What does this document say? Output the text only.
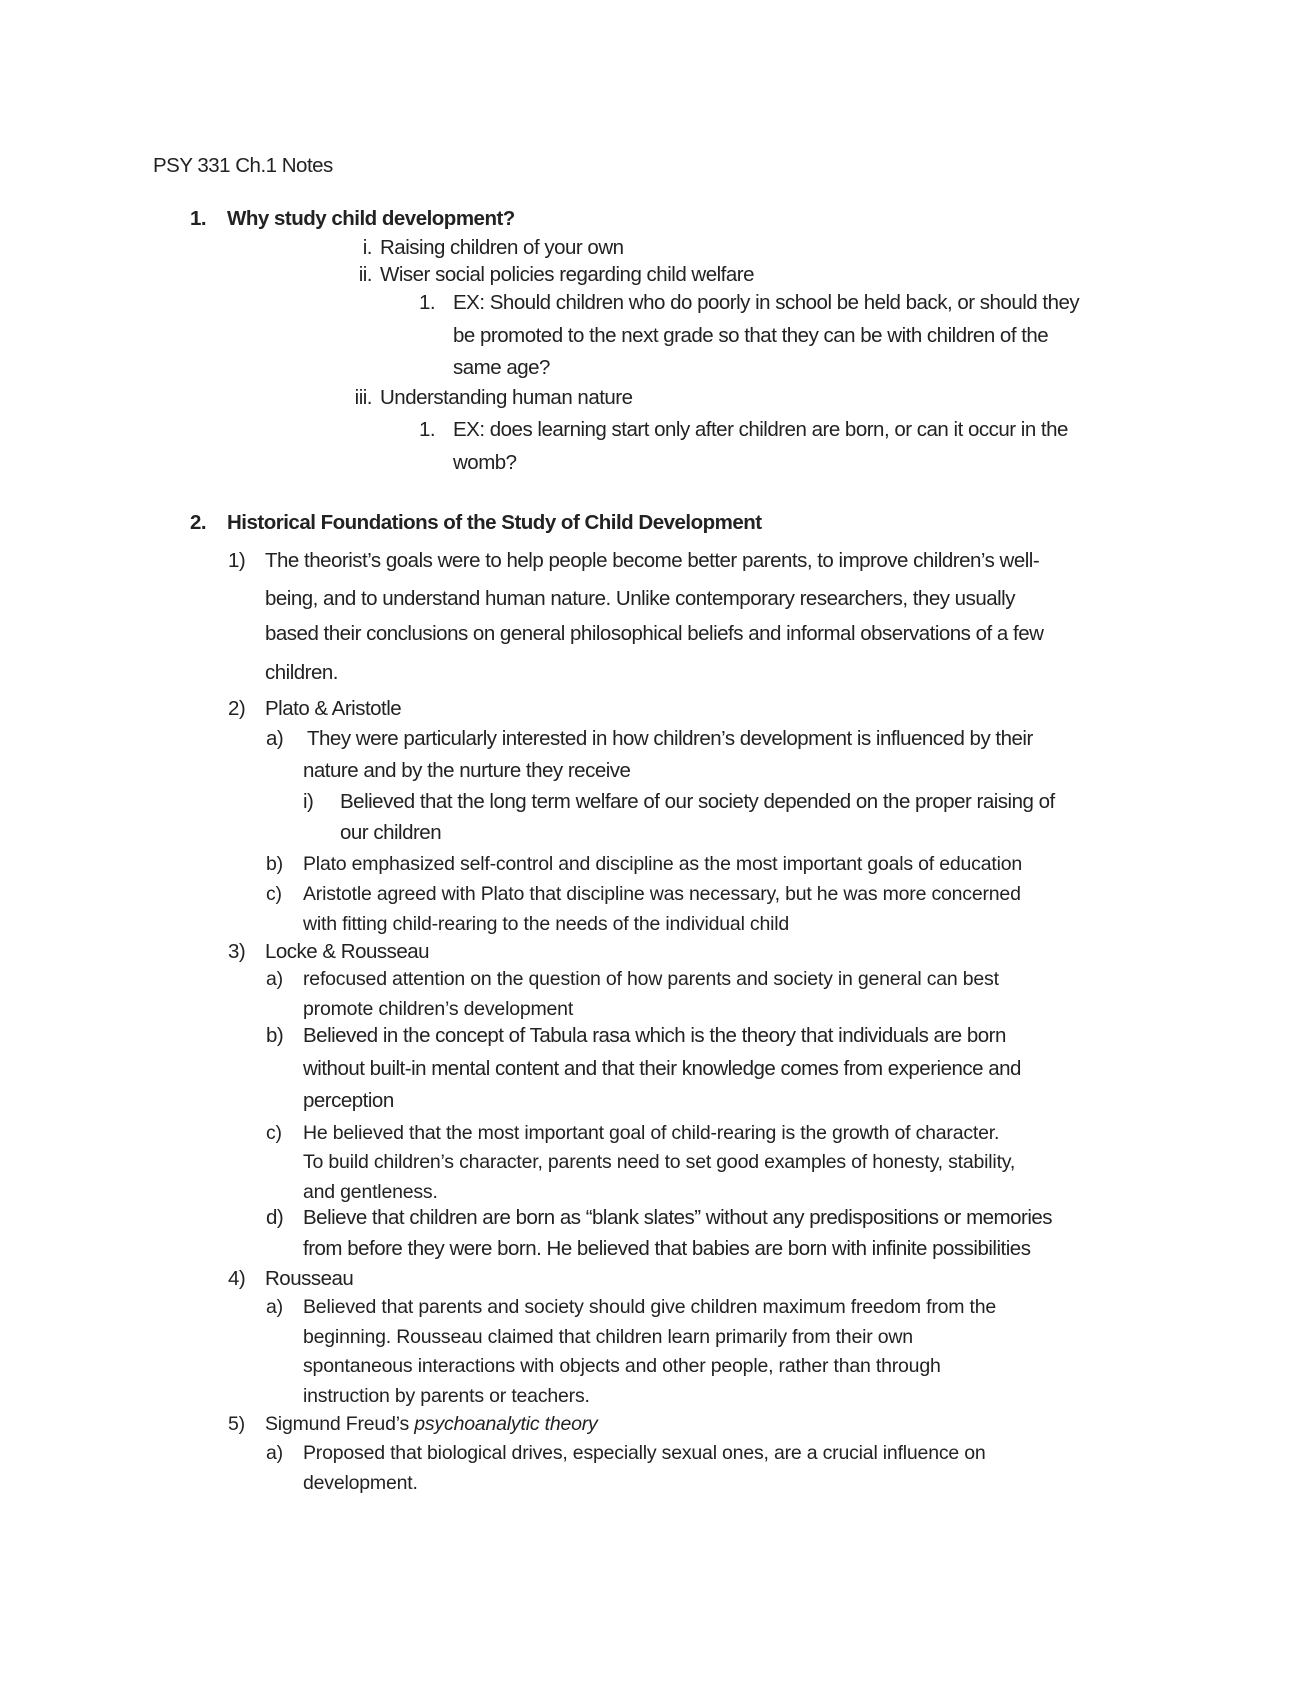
PSY 331 Ch.1 Notes
1. Why study child development?
i. Raising children of your own
ii. Wiser social policies regarding child welfare
1. EX: Should children who do poorly in school be held back, or should they
be promoted to the next grade so that they can be with children of the
same age?
iii. Understanding human nature
1. EX: does learning start only after children are born, or can it occur in the
womb?
2. Historical Foundations of the Study of Child Development
1) The theorist’s goals were to help people become better parents, to improve children’s well-
being, and to understand human nature. Unlike contemporary researchers, they usually
based their conclusions on general philosophical beliefs and informal observations of a few
children.
2) Plato & Aristotle
a) They were particularly interested in how children’s development is influenced by their
nature and by the nurture they receive
i) Believed that the long term welfare of our society depended on the proper raising of
our children
b) Plato emphasized self-control and discipline as the most important goals of education
c) Aristotle agreed with Plato that discipline was necessary, but he was more concerned
with fitting child-rearing to the needs of the individual child
3) Locke & Rousseau
a) refocused attention on the question of how parents and society in general can best
promote children’s development
b) Believed in the concept of Tabula rasa which is the theory that individuals are born
without built-in mental content and that their knowledge comes from experience and
perception
c) He believed that the most important goal of child-rearing is the growth of character.
To build children’s character, parents need to set good examples of honesty, stability,
and gentleness.
d) Believe that children are born as “blank slates” without any predispositions or memories
from before they were born. He believed that babies are born with infinite possibilities
4) Rousseau
a) Believed that parents and society should give children maximum freedom from the
beginning. Rousseau claimed that children learn primarily from their own
spontaneous interactions with objects and other people, rather than through
instruction by parents or teachers.
5) Sigmund Freud’s psychoanalytic theory
a) Proposed that biological drives, especially sexual ones, are a crucial influence on
development.
